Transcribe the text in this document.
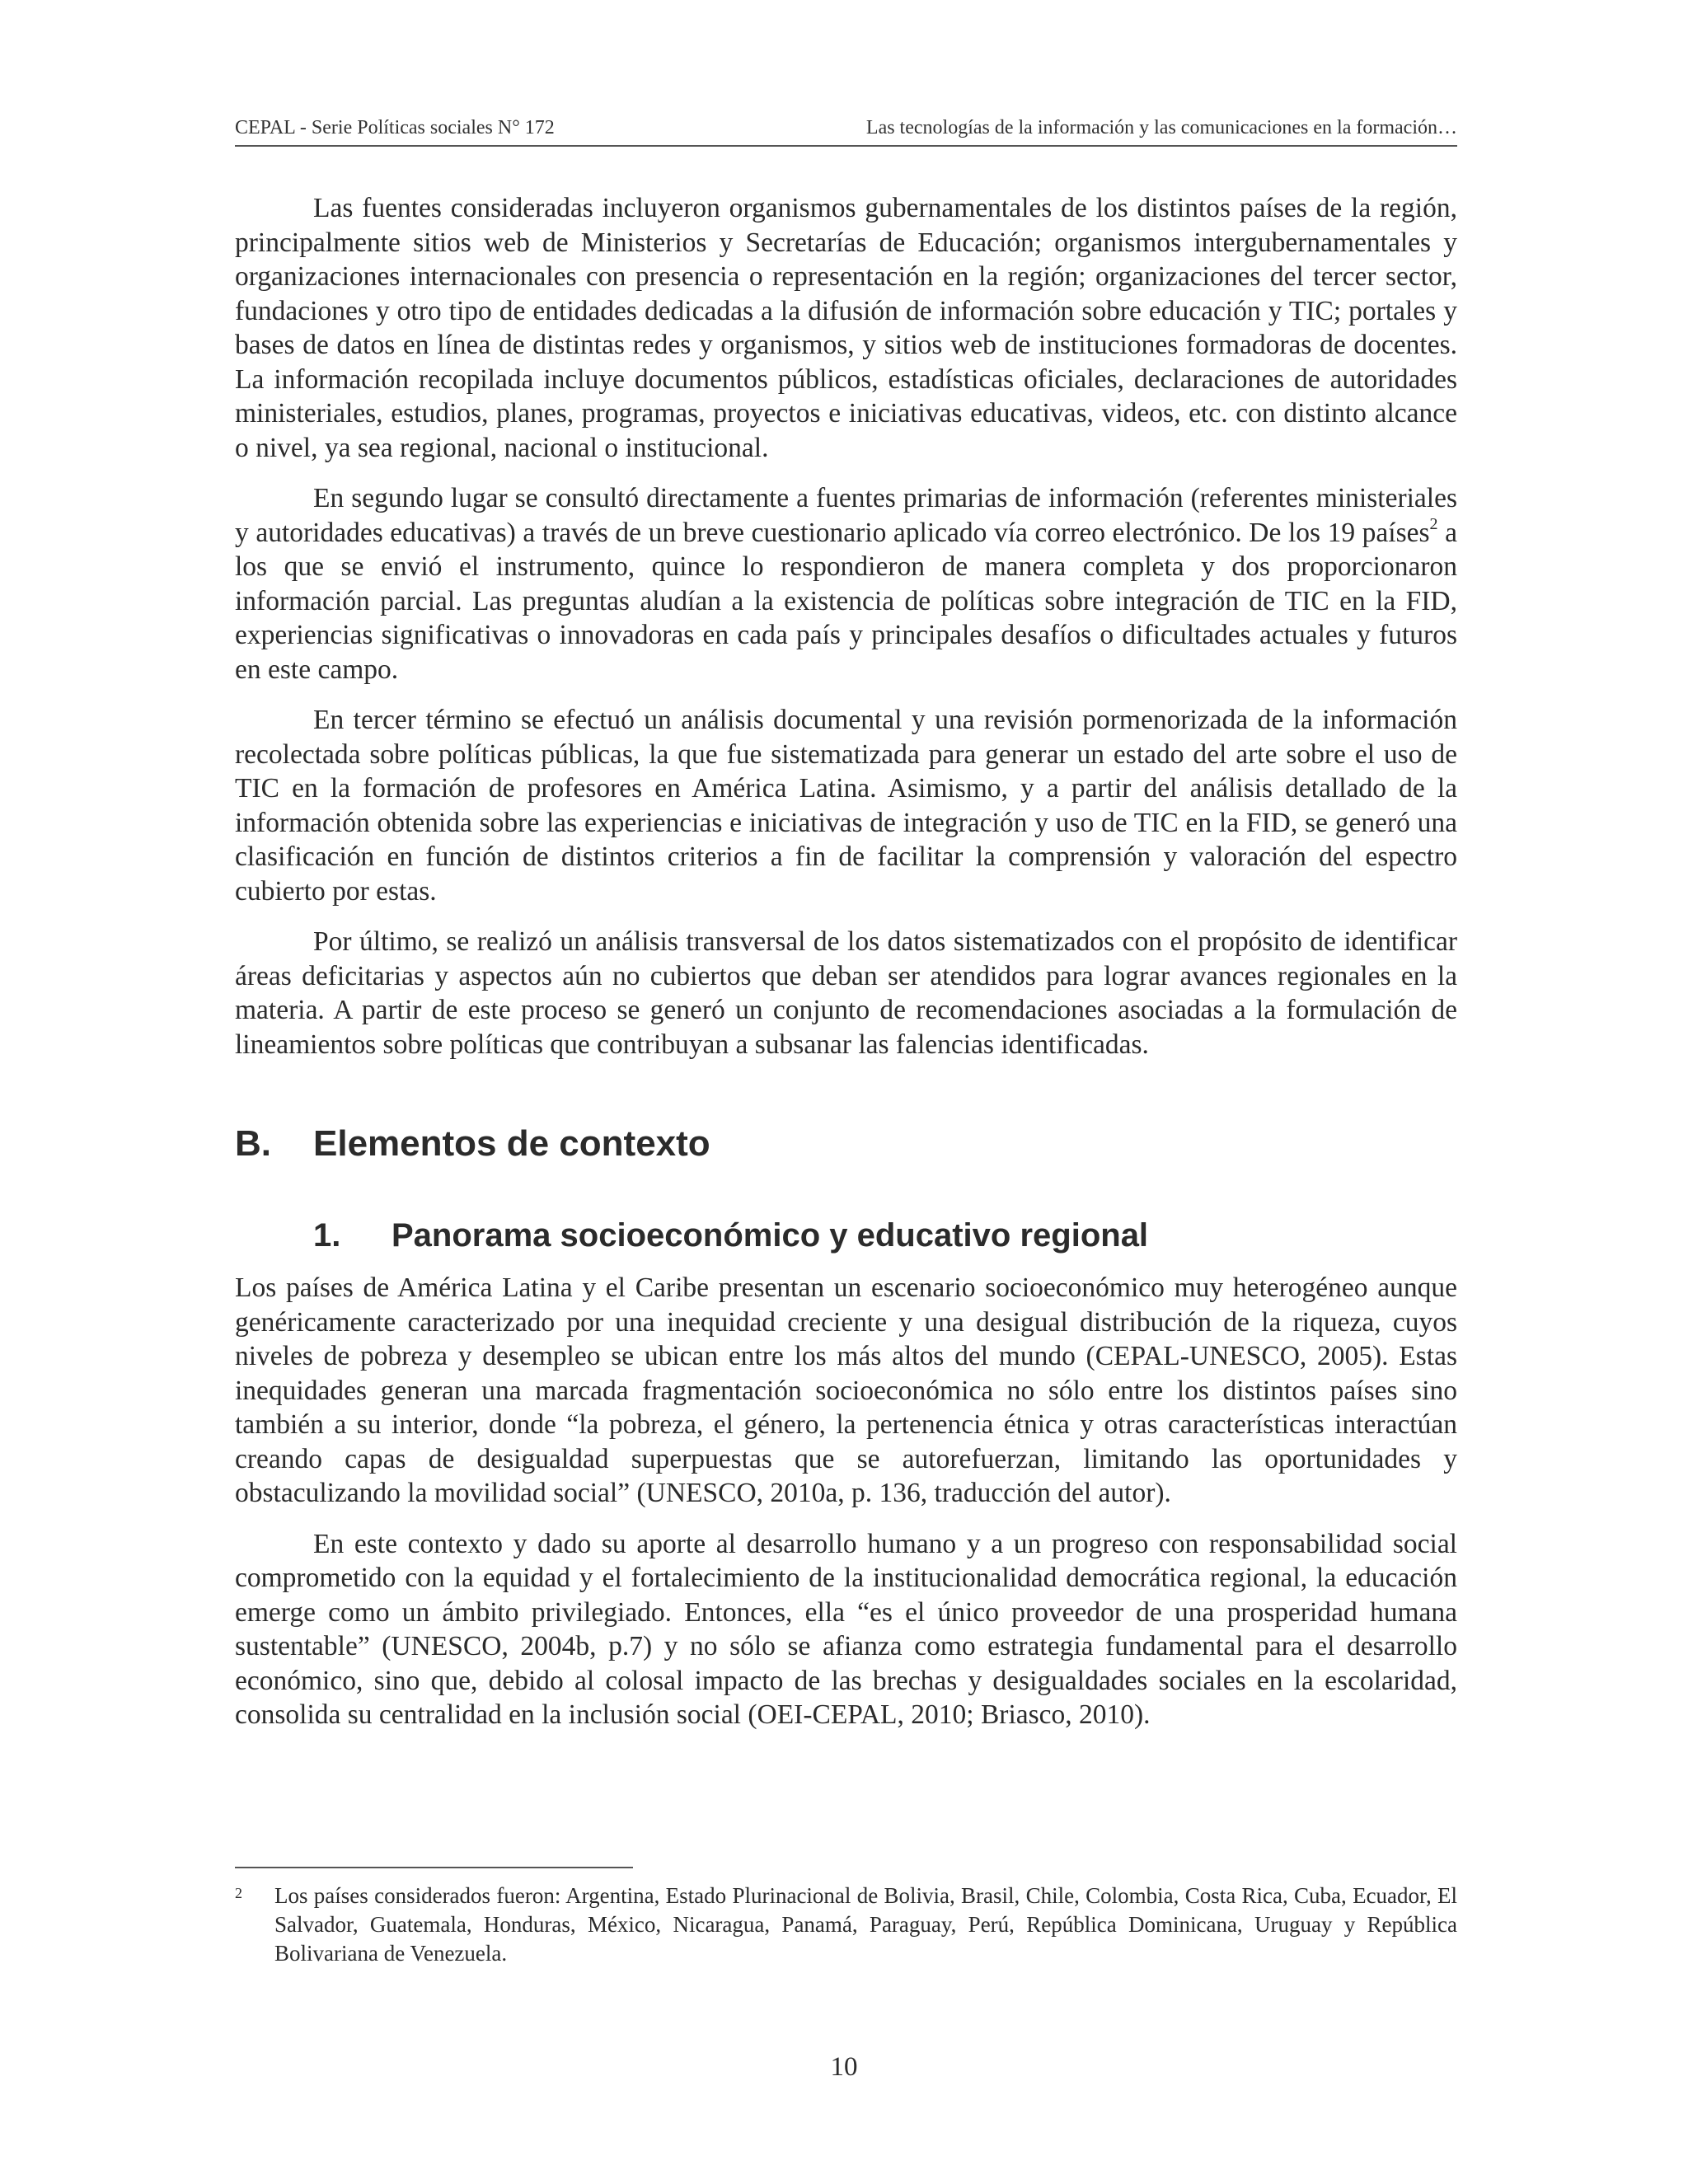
CEPAL - Serie Políticas sociales N° 172	Las tecnologías de la información y las comunicaciones en la formación…

Las fuentes consideradas incluyeron organismos gubernamentales de los distintos países de la región, principalmente sitios web de Ministerios y Secretarías de Educación; organismos intergubernamentales y organizaciones internacionales con presencia o representación en la región; organizaciones del tercer sector, fundaciones y otro tipo de entidades dedicadas a la difusión de información sobre educación y TIC; portales y bases de datos en línea de distintas redes y organismos, y sitios web de instituciones formadoras de docentes. La información recopilada incluye documentos públicos, estadísticas oficiales, declaraciones de autoridades ministeriales, estudios, planes, programas, proyectos e iniciativas educativas, videos, etc. con distinto alcance o nivel, ya sea regional, nacional o institucional.

En segundo lugar se consultó directamente a fuentes primarias de información (referentes ministeriales y autoridades educativas) a través de un breve cuestionario aplicado vía correo electrónico. De los 19 países$^2$ a los que se envió el instrumento, quince lo respondieron de manera completa y dos proporcionaron información parcial. Las preguntas aludían a la existencia de políticas sobre integración de TIC en la FID, experiencias significativas o innovadoras en cada país y principales desafíos o dificultades actuales y futuros en este campo.

En tercer término se efectuó un análisis documental y una revisión pormenorizada de la información recolectada sobre políticas públicas, la que fue sistematizada para generar un estado del arte sobre el uso de TIC en la formación de profesores en América Latina. Asimismo, y a partir del análisis detallado de la información obtenida sobre las experiencias e iniciativas de integración y uso de TIC en la FID, se generó una clasificación en función de distintos criterios a fin de facilitar la comprensión y valoración del espectro cubierto por estas.

Por último, se realizó un análisis transversal de los datos sistematizados con el propósito de identificar áreas deficitarias y aspectos aún no cubiertos que deban ser atendidos para lograr avances regionales en la materia. A partir de este proceso se generó un conjunto de recomendaciones asociadas a la formulación de lineamientos sobre políticas que contribuyan a subsanar las falencias identificadas.

B.	Elementos de contexto
1.	Panorama socioeconómico y educativo regional

Los países de América Latina y el Caribe presentan un escenario socioeconómico muy heterogéneo aunque genéricamente caracterizado por una inequidad creciente y una desigual distribución de la riqueza, cuyos niveles de pobreza y desempleo se ubican entre los más altos del mundo (CEPAL-UNESCO, 2005). Estas inequidades generan una marcada fragmentación socioeconómica no sólo entre los distintos países sino también a su interior, donde “la pobreza, el género, la pertenencia étnica y otras características interactúan creando capas de desigualdad superpuestas que se autorefuerzan, limitando las oportunidades y obstaculizando la movilidad social” (UNESCO, 2010a, p. 136, traducción del autor).

En este contexto y dado su aporte al desarrollo humano y a un progreso con responsabilidad social comprometido con la equidad y el fortalecimiento de la institucionalidad democrática regional, la educación emerge como un ámbito privilegiado. Entonces, ella “es el único proveedor de una prosperidad humana sustentable” (UNESCO, 2004b, p.7) y no sólo se afianza como estrategia fundamental para el desarrollo económico, sino que, debido al colosal impacto de las brechas y desigualdades sociales en la escolaridad, consolida su centralidad en la inclusión social (OEI-CEPAL, 2010; Briasco, 2010).

2	Los países considerados fueron: Argentina, Estado Plurinacional de Bolivia, Brasil, Chile, Colombia, Costa Rica, Cuba, Ecuador, El Salvador, Guatemala, Honduras, México, Nicaragua, Panamá, Paraguay, Perú, República Dominicana, Uruguay y República Bolivariana de Venezuela.
10
